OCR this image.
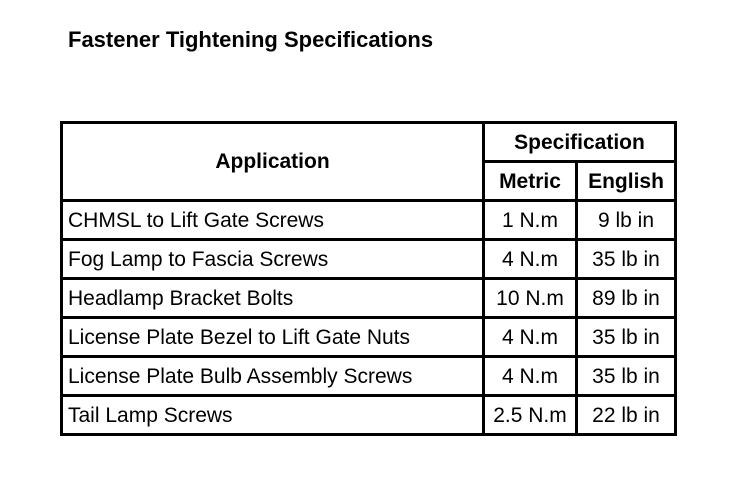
Fastener Tightening Specifications
Application	Specification	
	Metric	English
CHMSL to Lift Gate Screws	1 N.m	9 lb in
Fog Lamp to Fascia Screws	4 N.m	35 lb in
Headlamp Bracket Bolts	10 N.m	89 lb in
License Plate Bezel to Lift Gate Nuts	4 N.m	35 lb in
License Plate Bulb Assembly Screws	4 N.m	35 lb in
Tail Lamp Screws	2.5 N.m	22 lb in
